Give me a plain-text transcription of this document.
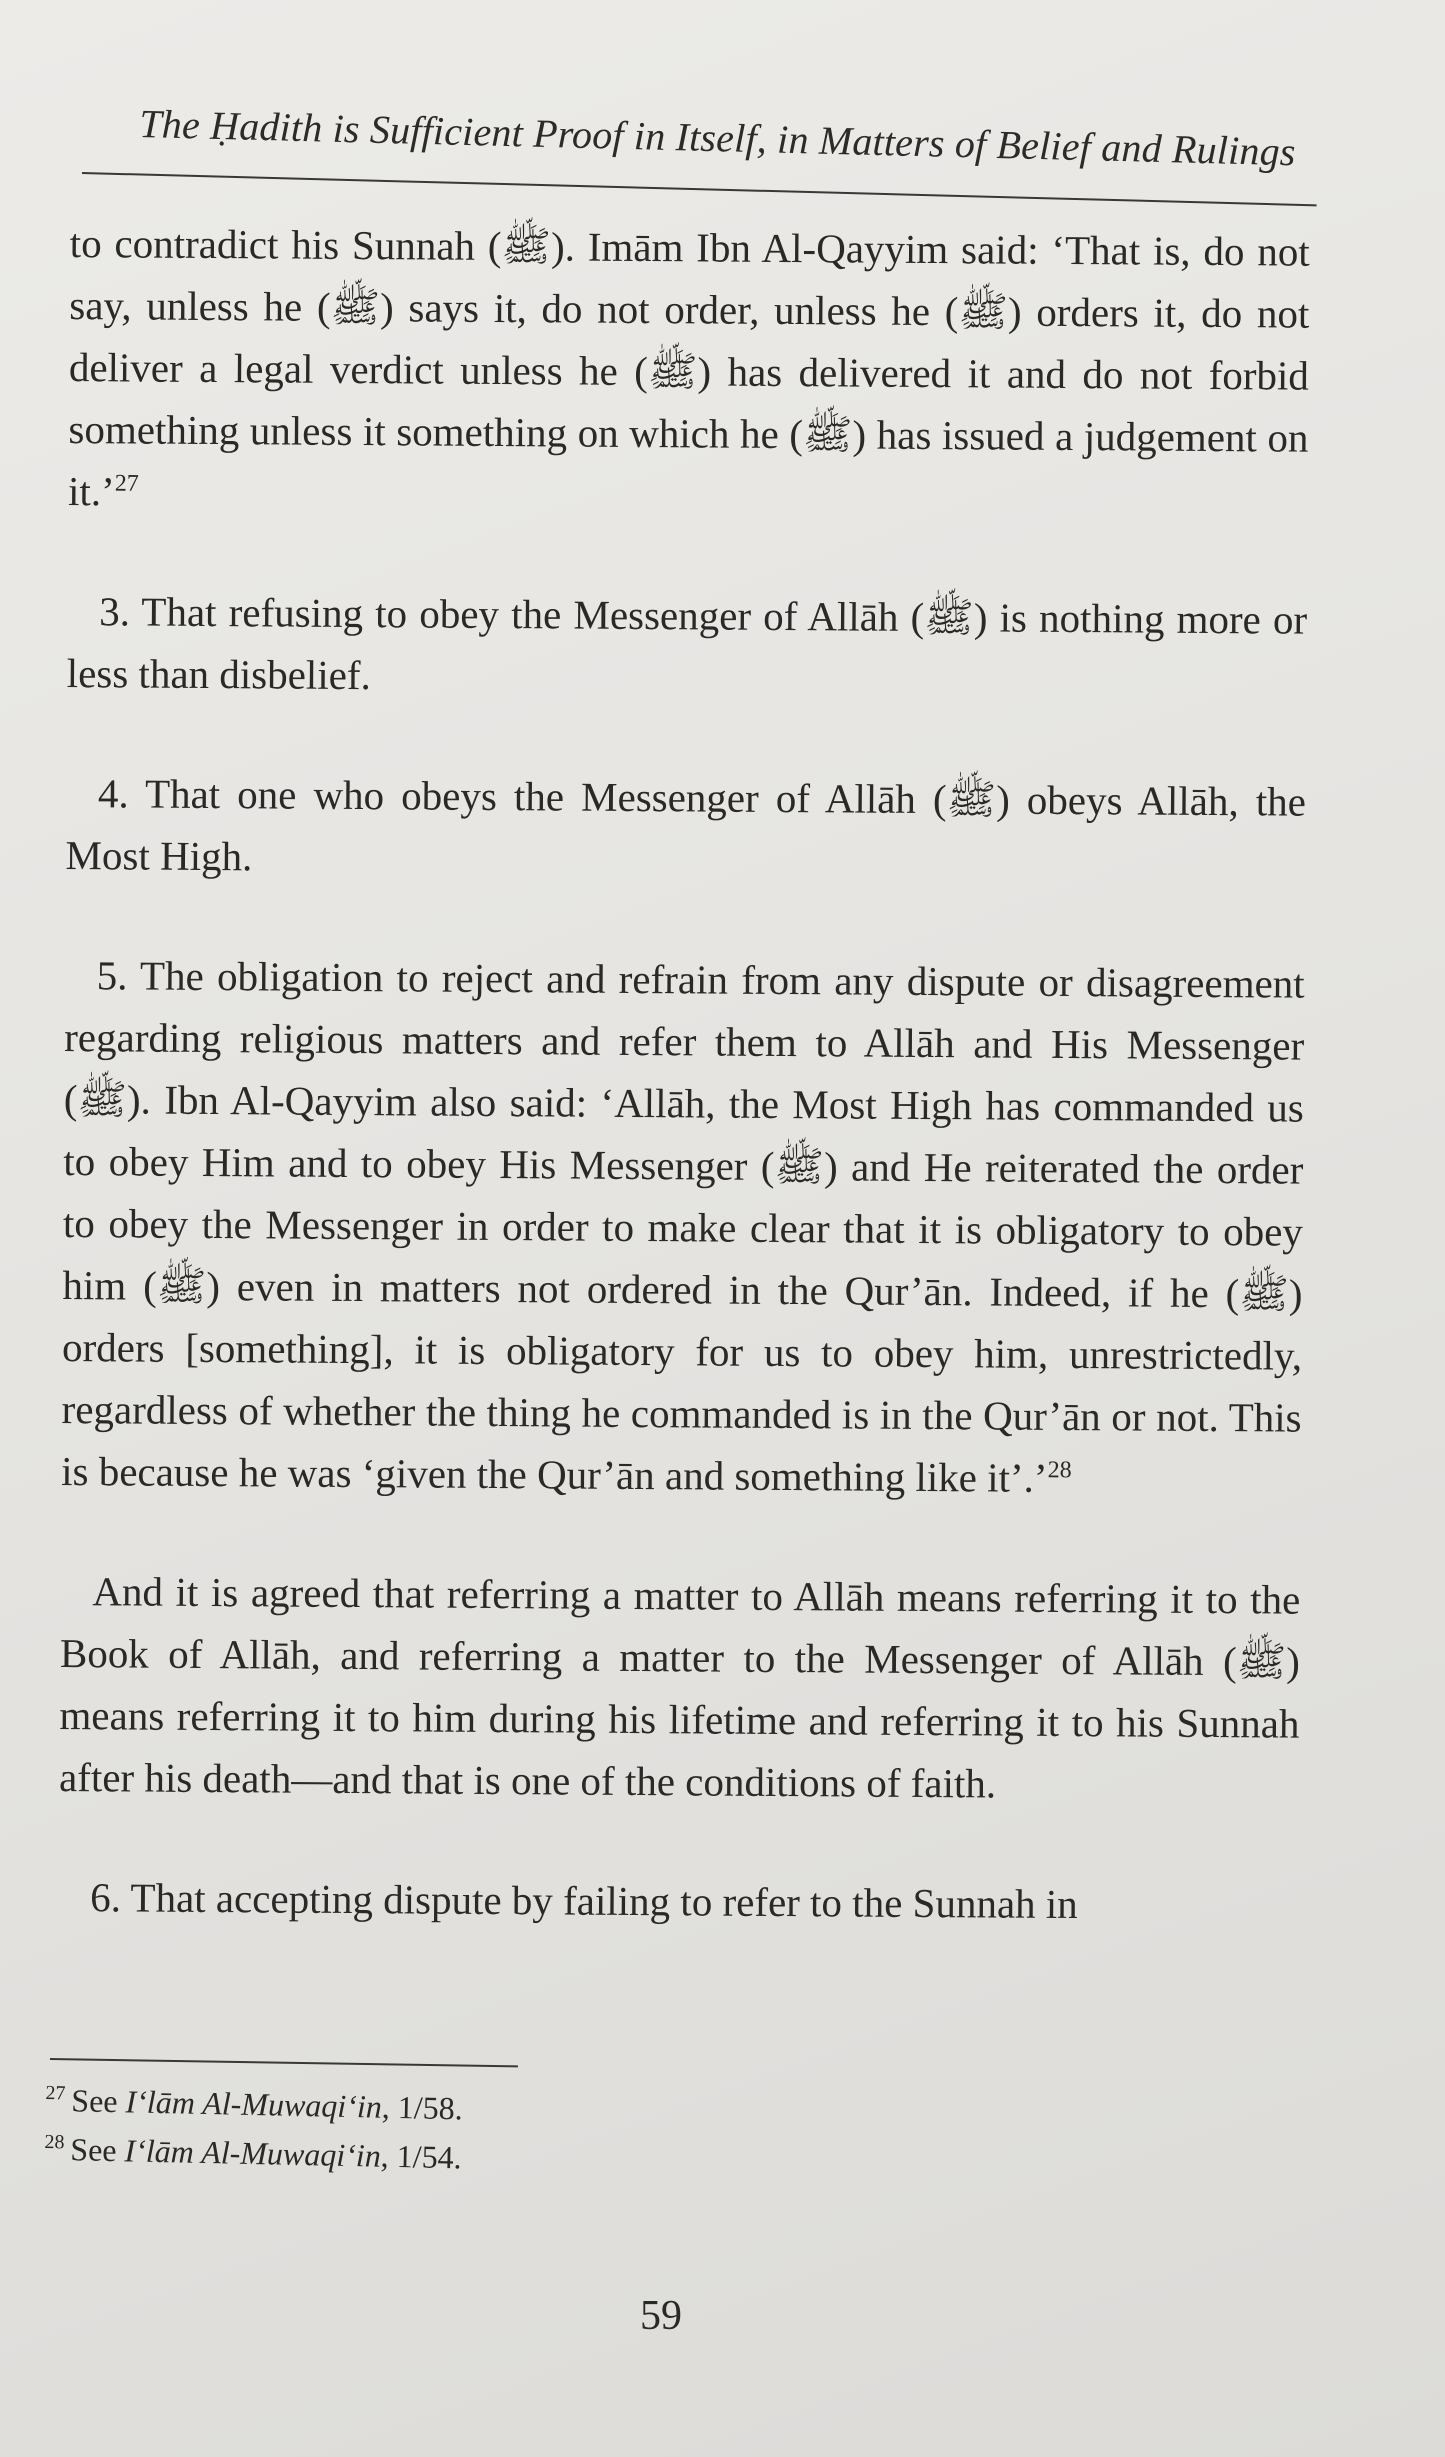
The Ḥadith is Sufficient Proof in Itself, in Matters of Belief and Rulings

to contradict his Sunnah (ﷺ). Imām Ibn Al-Qayyim said: ‘That is, do not say, unless he (ﷺ) says it, do not order, unless he (ﷺ) orders it, do not deliver a legal verdict unless he (ﷺ) has delivered it and do not forbid something unless it something on which he (ﷺ) has issued a judgement on it.’$^{27}$

3. That refusing to obey the Messenger of Allāh (ﷺ) is nothing more or less than disbelief.

4. That one who obeys the Messenger of Allāh (ﷺ) obeys Allāh, the Most High.

5. The obligation to reject and refrain from any dispute or disagreement regarding religious matters and refer them to Allāh and His Messenger (ﷺ). Ibn Al-Qayyim also said: ‘Allāh, the Most High has commanded us to obey Him and to obey His Messenger (ﷺ) and He reiterated the order to obey the Messenger in order to make clear that it is obligatory to obey him (ﷺ) even in matters not ordered in the Qur’ān. Indeed, if he (ﷺ) orders [something], it is obligatory for us to obey him, unrestrictedly, regardless of whether the thing he commanded is in the Qur’ān or not. This is because he was ‘given the Qur’ān and something like it’.’$^{28}$

And it is agreed that referring a matter to Allāh means referring it to the Book of Allāh, and referring a matter to the Messenger of Allāh (ﷺ) means referring it to him during his lifetime and referring it to his Sunnah after his death—and that is one of the conditions of faith.

6. That accepting dispute by failing to refer to the Sunnah in

$^{27}$ See I‘lām Al-Muwaqi‘in, 1/58.
$^{28}$ See I‘lām Al-Muwaqi‘in, 1/54.
59
